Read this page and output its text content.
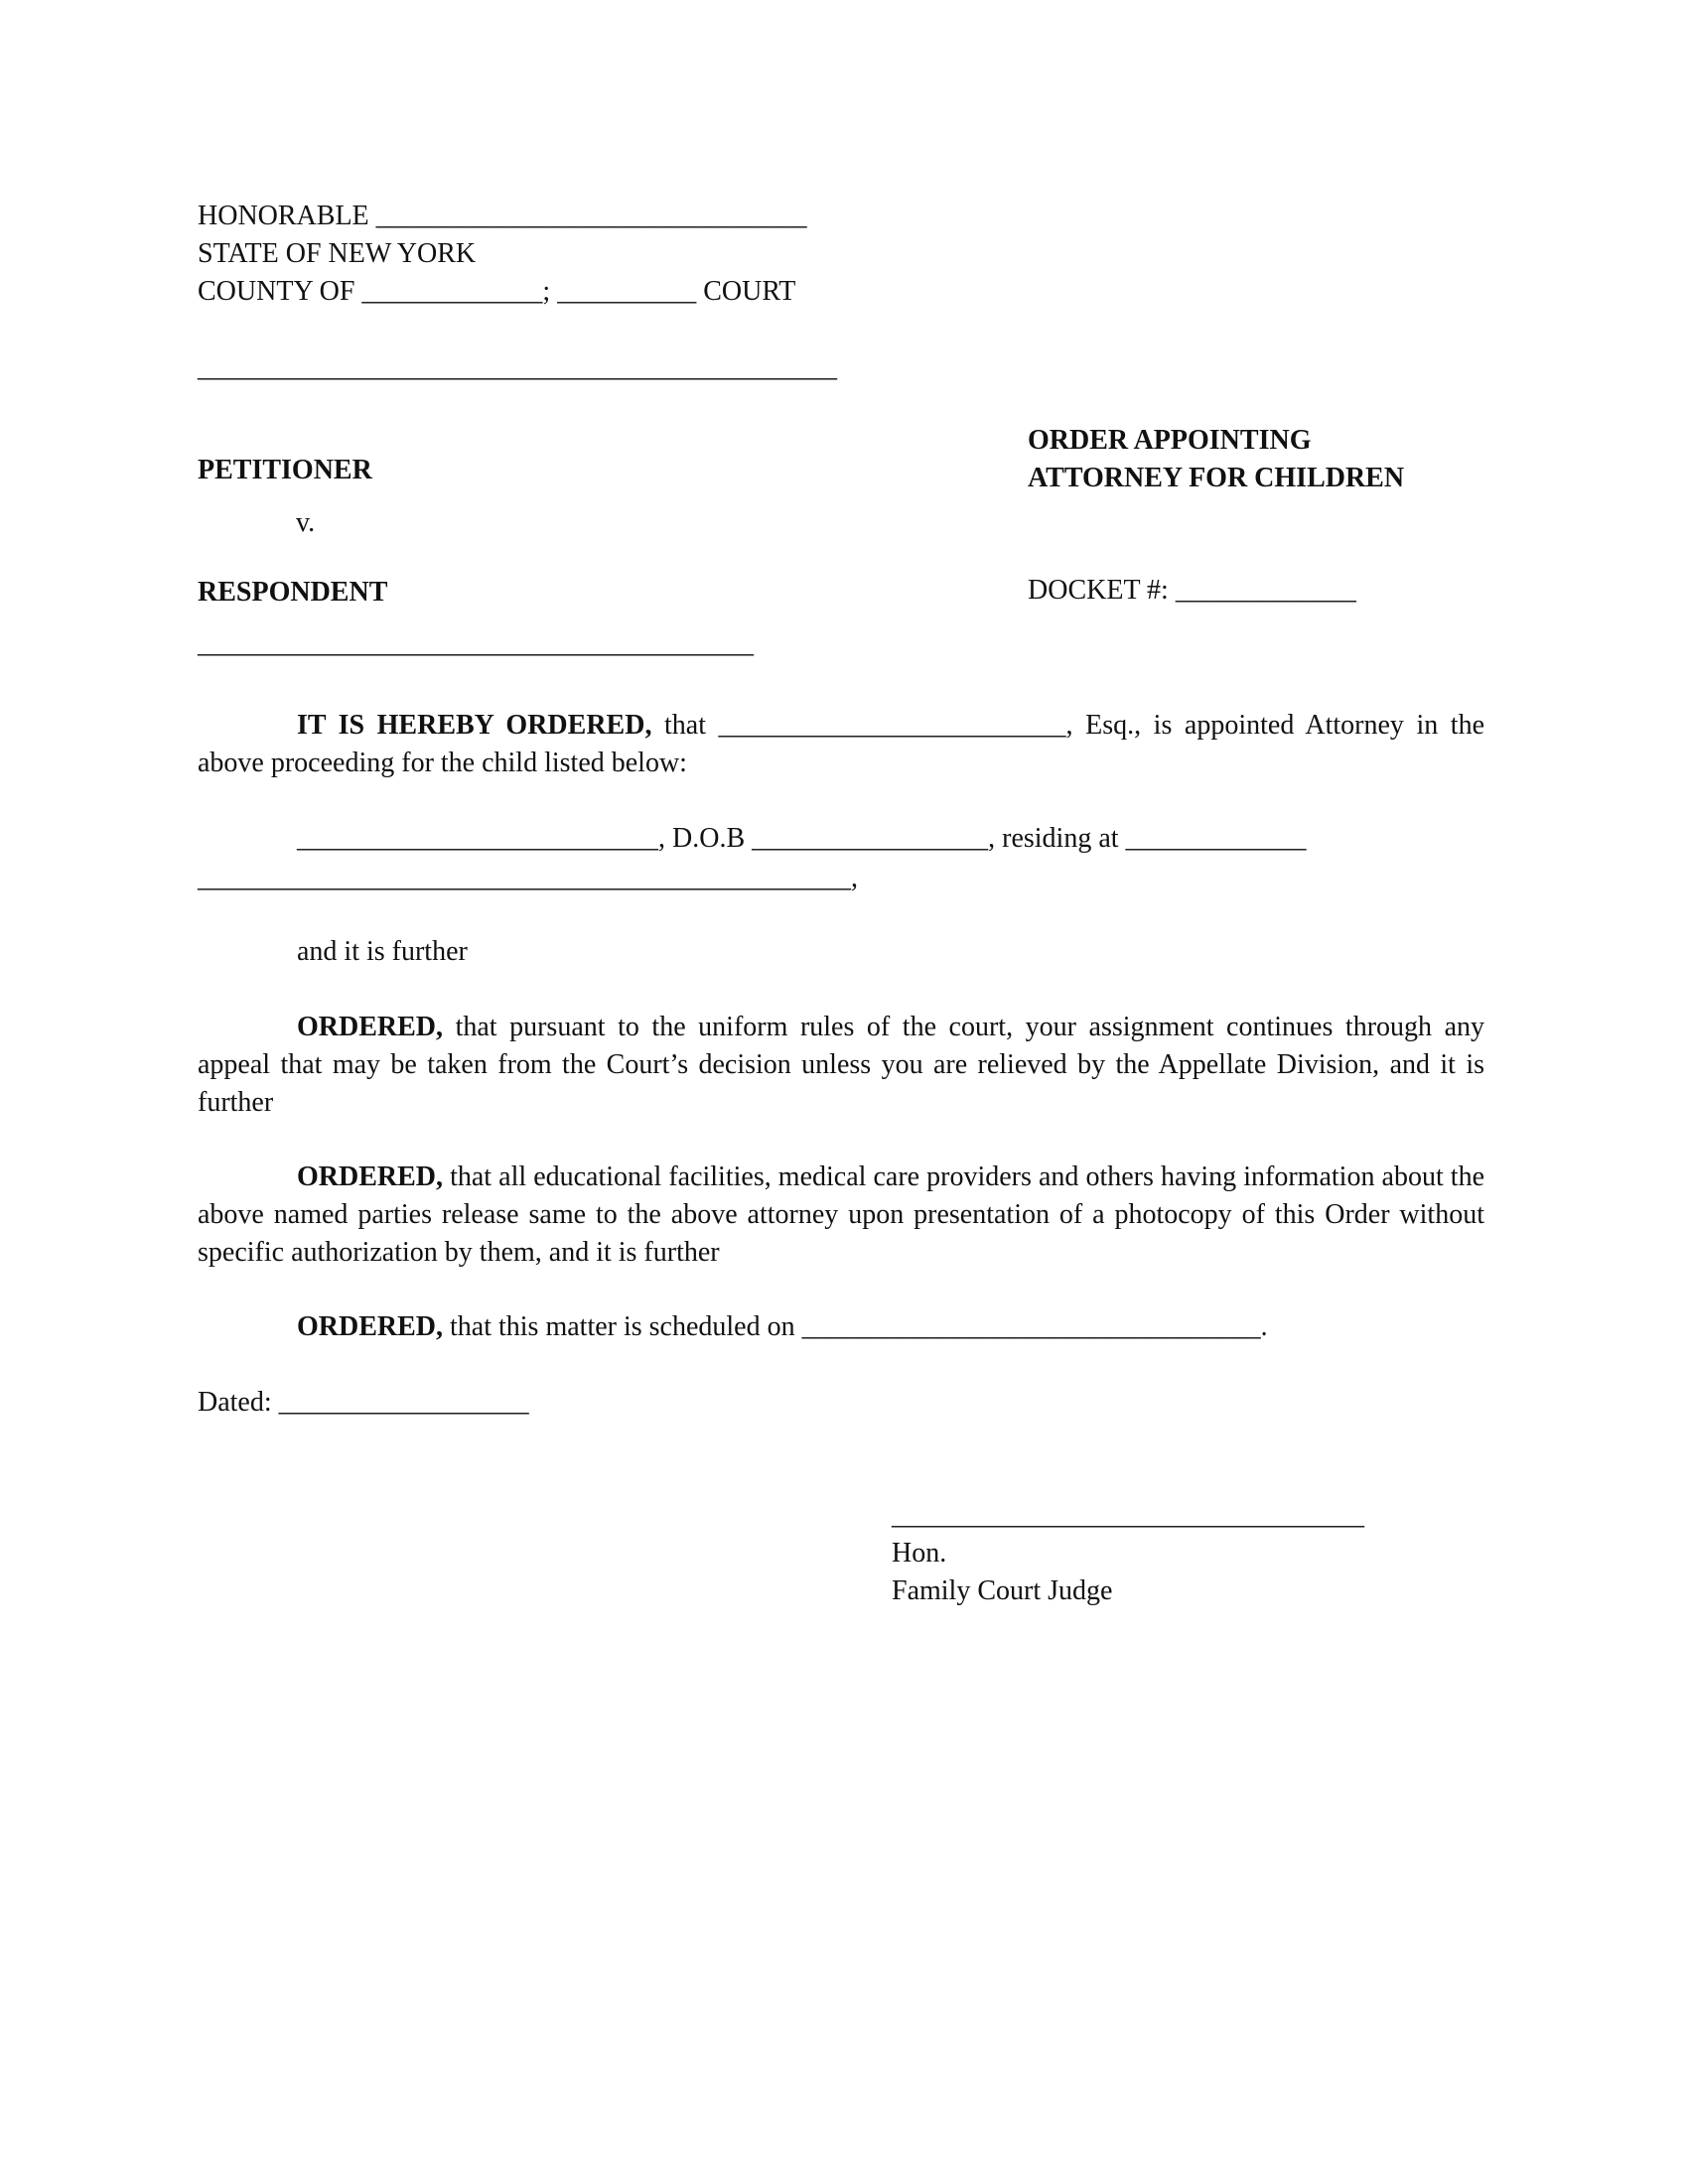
HONORABLE _______________________________
STATE OF NEW YORK
COUNTY OF _____________; __________ COURT
______________________________________________
ORDER APPOINTING
ATTORNEY FOR CHILDREN
PETITIONER
v.
RESPONDENT	DOCKET #: _____________
________________________________________
IT IS HEREBY ORDERED, that _________________________, Esq., is appointed Attorney in the above proceeding for the child listed below:
__________________________, D.O.B _________________, residing at _____________
_______________________________________________,
and it is further
ORDERED, that pursuant to the uniform rules of the court, your assignment continues through any appeal that may be taken from the Court’s decision unless you are relieved by the Appellate Division, and it is further
ORDERED, that all educational facilities, medical care providers and others having information about the above named parties release same to the above attorney upon presentation of a photocopy of this Order without specific authorization by them, and it is further
ORDERED, that this matter is scheduled on _________________________________.
Dated: __________________
__________________________________
Hon.
Family Court Judge
